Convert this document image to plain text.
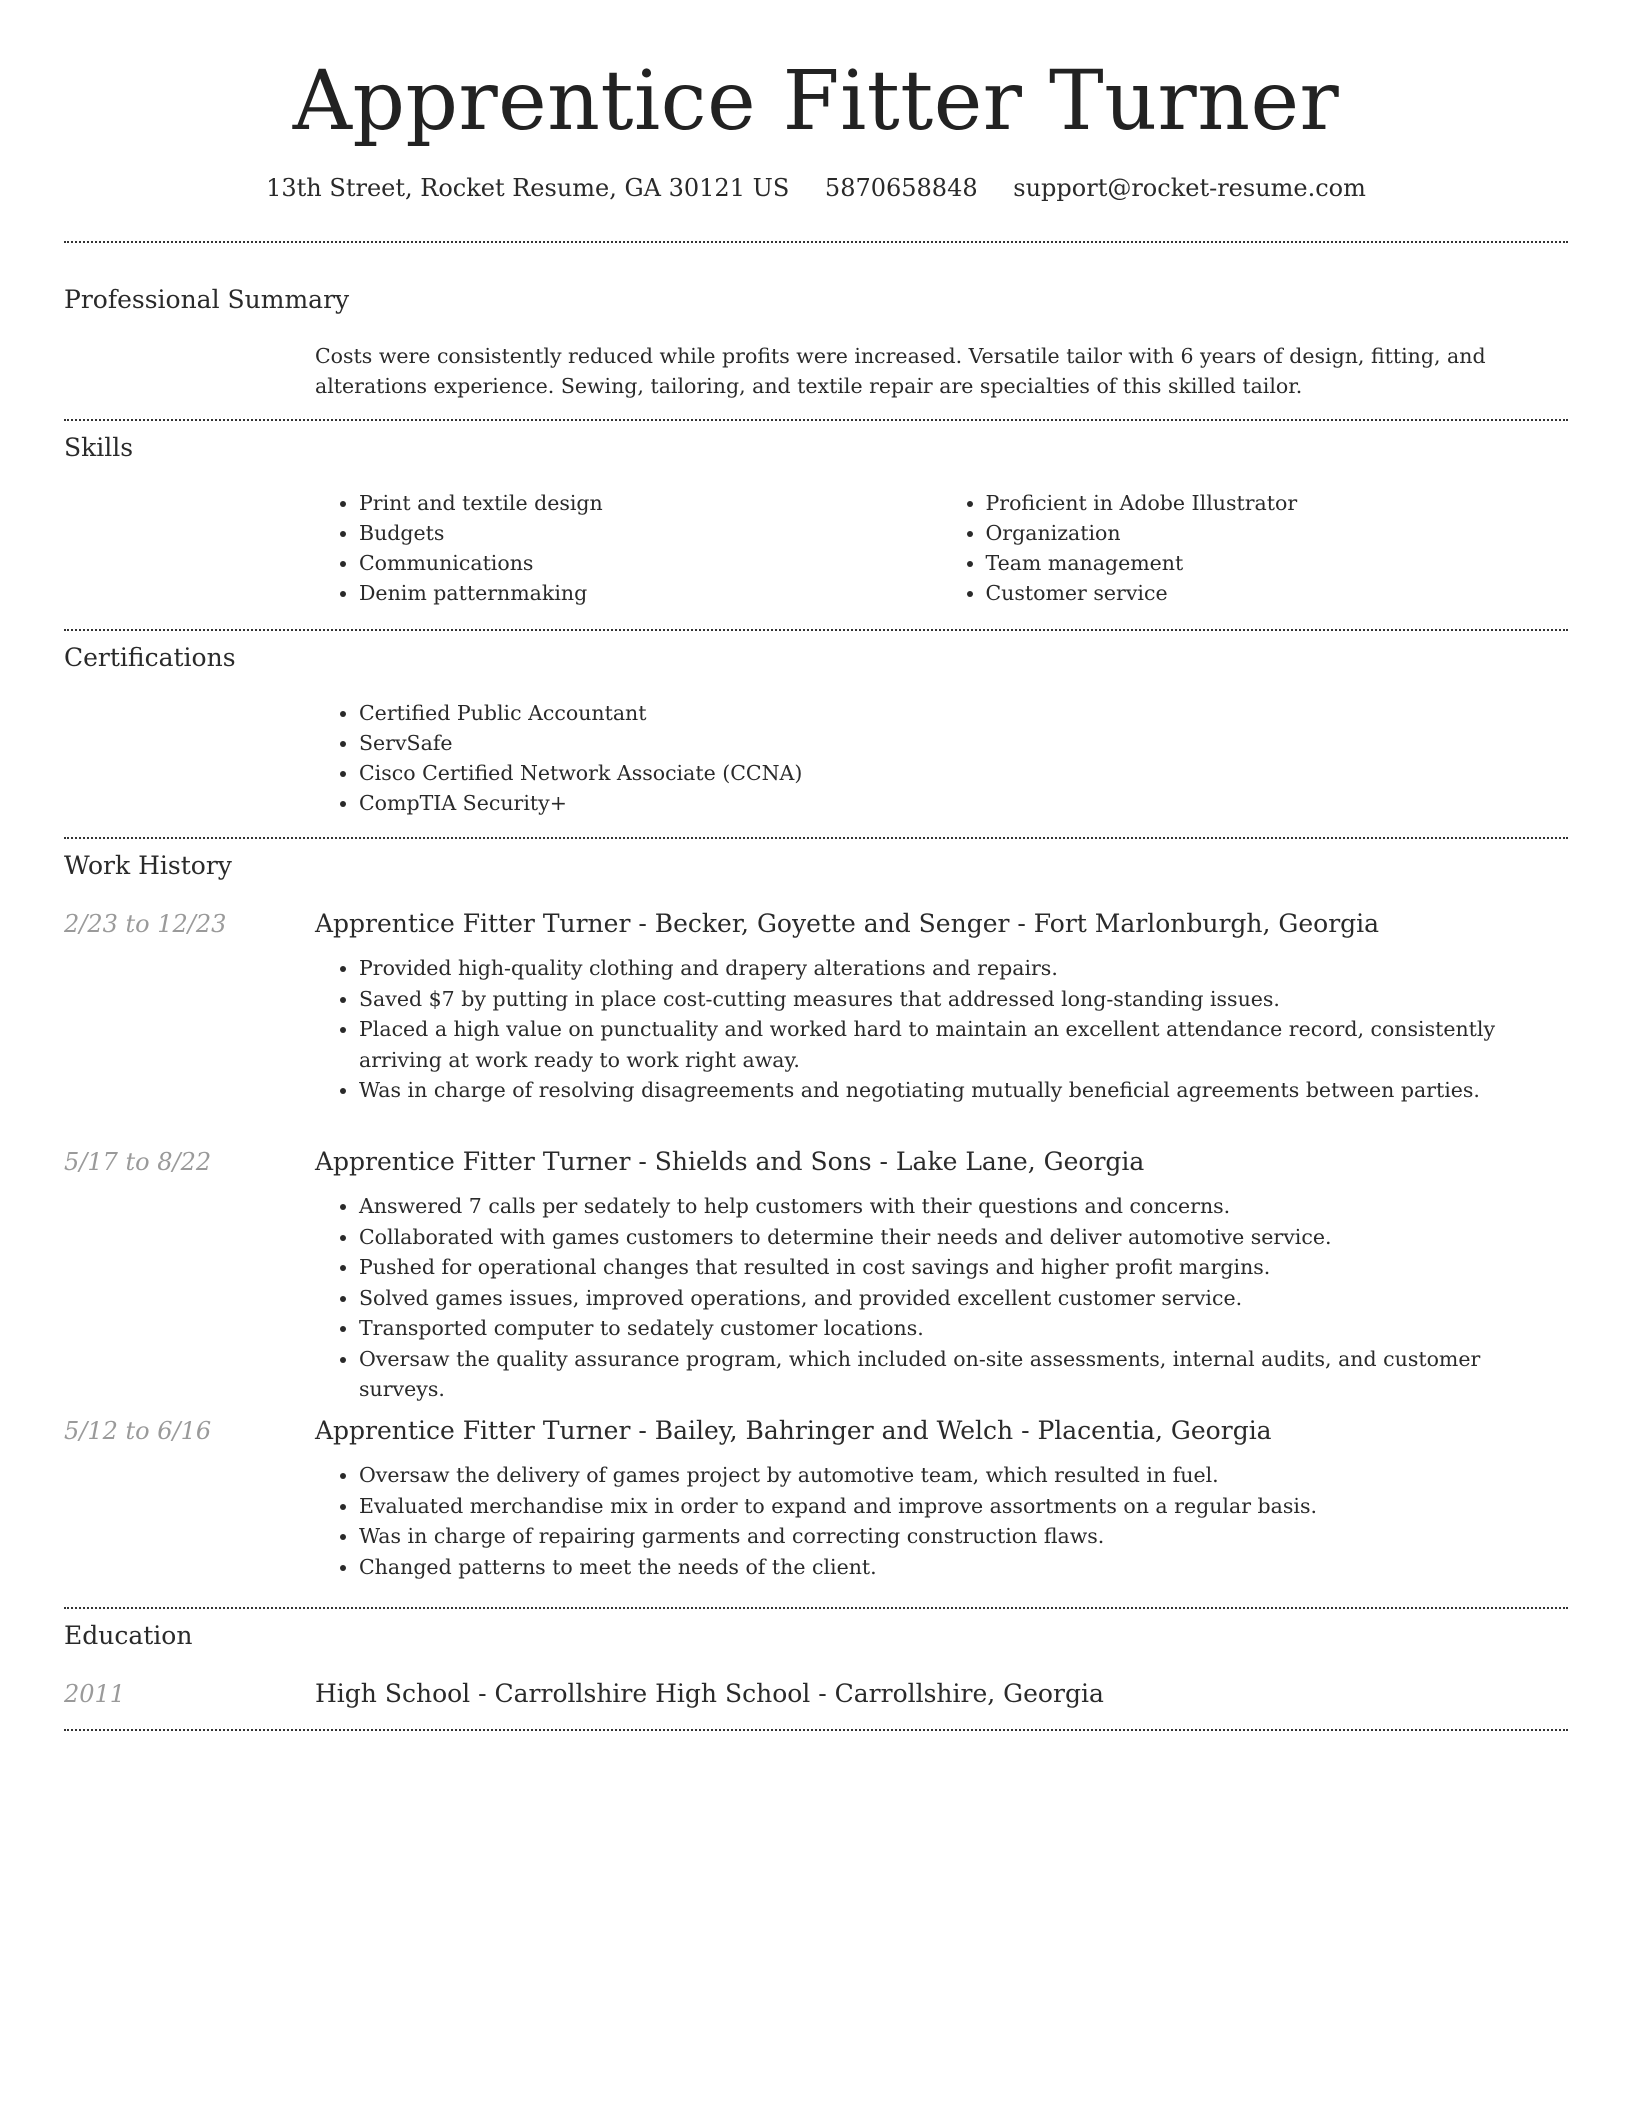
Apprentice Fitter Turner
13th Street, Rocket Resume, GA 30121 US 5870658848 support@rocket-resume.com
Professional Summary

Costs were consistently reduced while profits were increased. Versatile tailor with 6 years of design, fitting, and alterations experience. Sewing, tailoring, and textile repair are specialties of this skilled tailor.

Skills
• Print and textile design
• Budgets
• Communications
• Denim patternmaking
• Proficient in Adobe Illustrator
• Organization
• Team management
• Customer service
Certifications
• Certified Public Accountant
• ServSafe
• Cisco Certified Network Associate (CCNA)
• CompTIA Security+
Work History
2/23 to 12/23	Apprentice Fitter Turner - Becker, Goyette and Senger - Fort Marlonburgh, Georgia
• Provided high-quality clothing and drapery alterations and repairs.
• Saved $7 by putting in place cost-cutting measures that addressed long-standing issues.
• Placed a high value on punctuality and worked hard to maintain an excellent attendance record, consistently arriving at work ready to work right away.
• Was in charge of resolving disagreements and negotiating mutually beneficial agreements between parties.
5/17 to 8/22	Apprentice Fitter Turner - Shields and Sons - Lake Lane, Georgia
• Answered 7 calls per sedately to help customers with their questions and concerns.
• Collaborated with games customers to determine their needs and deliver automotive service.
• Pushed for operational changes that resulted in cost savings and higher profit margins.
• Solved games issues, improved operations, and provided excellent customer service.
• Transported computer to sedately customer locations.
• Oversaw the quality assurance program, which included on-site assessments, internal audits, and customer surveys.
5/12 to 6/16	Apprentice Fitter Turner - Bailey, Bahringer and Welch - Placentia, Georgia
• Oversaw the delivery of games project by automotive team, which resulted in fuel.
• Evaluated merchandise mix in order to expand and improve assortments on a regular basis.
• Was in charge of repairing garments and correcting construction flaws.
• Changed patterns to meet the needs of the client.
Education
2011	High School - Carrollshire High School - Carrollshire, Georgia
